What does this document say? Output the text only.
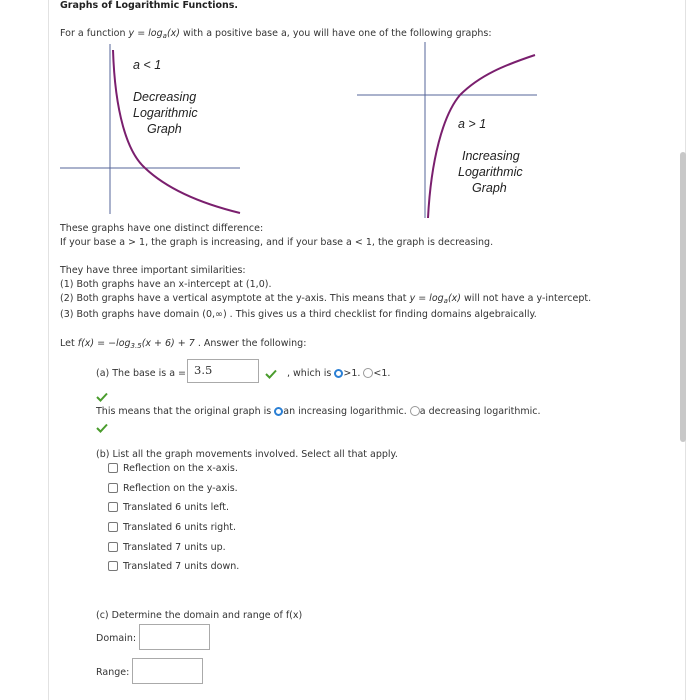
Graphs of Logarithmic Functions.
For a function $y = \log_a(x)$ with a positive base a, you will have one of the following graphs:
a < 1
Decreasing
Logarithmic
Graph	a > 1
Increasing
Logarithmic
Graph
These graphs have one distinct difference:
If your base a > 1, the graph is increasing, and if your base a < 1, the graph is decreasing.
They have three important similarities:
(1) Both graphs have an x-intercept at (1,0).
(2) Both graphs have a vertical asymptote at the y-axis. This means that $y = \log_a(x)$ will not have a y-intercept.
(3) Both graphs have domain (0,∞) . This gives us a third checklist for finding domains algebraically.
Let $f(x) = -\log_{3.5}(x + 6) + 7$ . Answer the following:
(a) The base is a = 3.5	, which is >1. <1.
This means that the original graph is an increasing logarithmic. a decreasing logarithmic.
(b) List all the graph movements involved. Select all that apply.
Reflection on the x-axis.
Reflection on the y-axis.
Translated 6 units left.
Translated 6 units right.
Translated 7 units up.
Translated 7 units down.
(c) Determine the domain and range of f(x)
Domain:
Range:
